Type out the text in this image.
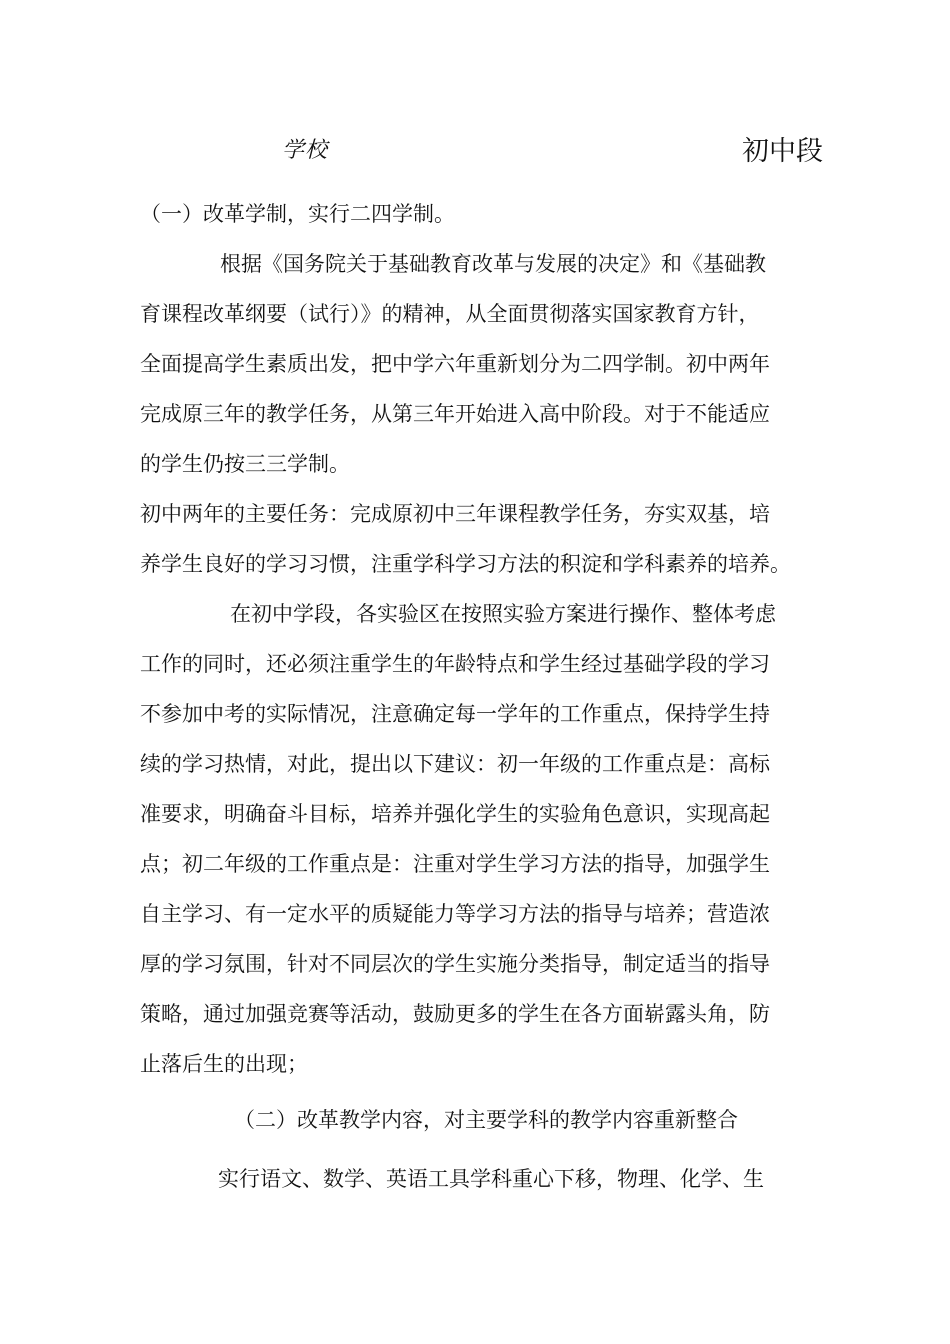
学校	初中段
（一）改革学制，实行二四学制。
根据《国务院关于基础教育改革与发展的决定》和《基础教
育课程改革纲要（试行）》的精神，从全面贯彻落实国家教育方针，
全面提高学生素质出发，把中学六年重新划分为二四学制。初中两年
完成原三年的教学任务，从第三年开始进入高中阶段。对于不能适应
的学生仍按三三学制。
初中两年的主要任务：完成原初中三年课程教学任务，夯实双基，培
养学生良好的学习习惯，注重学科学习方法的积淀和学科素养的培养。
在初中学段，各实验区在按照实验方案进行操作、整体考虑
工作的同时，还必须注重学生的年龄特点和学生经过基础学段的学习
不参加中考的实际情况，注意确定每一学年的工作重点，保持学生持
续的学习热情，对此，提出以下建议：初一年级的工作重点是：高标
准要求，明确奋斗目标，培养并强化学生的实验角色意识，实现高起
点；初二年级的工作重点是：注重对学生学习方法的指导，加强学生
自主学习、有一定水平的质疑能力等学习方法的指导与培养；营造浓
厚的学习氛围，针对不同层次的学生实施分类指导，制定适当的指导
策略，通过加强竞赛等活动，鼓励更多的学生在各方面崭露头角，防
止落后生的出现；
（二）改革教学内容，对主要学科的教学内容重新整合
实行语文、数学、英语工具学科重心下移，物理、化学、生
